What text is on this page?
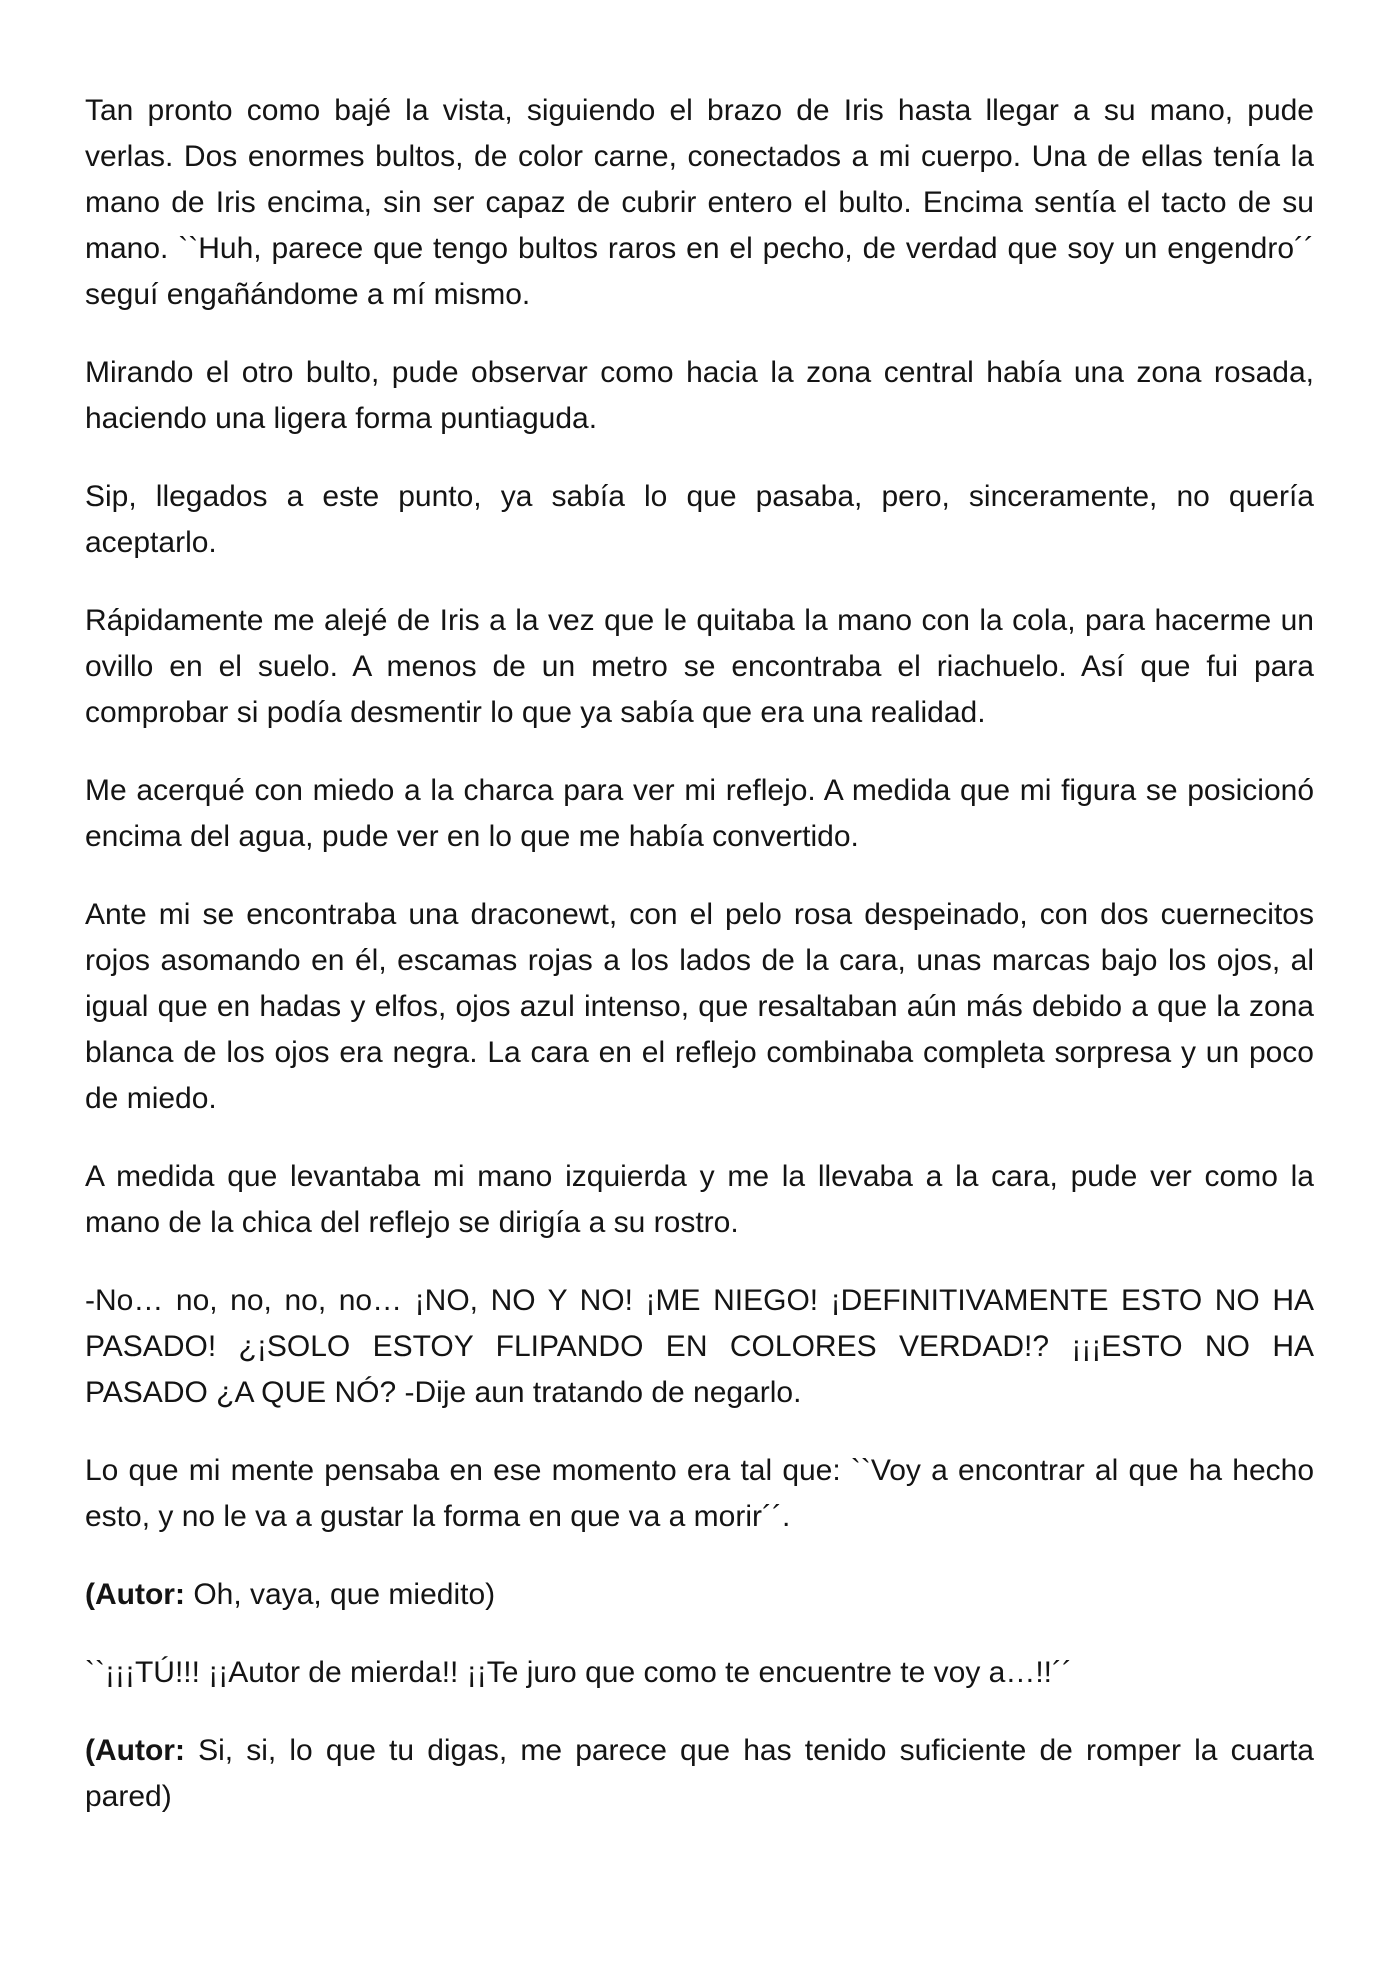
Tan pronto como bajé la vista, siguiendo el brazo de Iris hasta llegar a su mano, pude verlas. Dos enormes bultos, de color carne, conectados a mi cuerpo. Una de ellas tenía la mano de Iris encima, sin ser capaz de cubrir entero el bulto. Encima sentía el tacto de su mano. ``Huh, parece que tengo bultos raros en el pecho, de verdad que soy un engendro´´ seguí engañándome a mí mismo.

Mirando el otro bulto, pude observar como hacia la zona central había una zona rosada, haciendo una ligera forma puntiaguda.

Sip, llegados a este punto, ya sabía lo que pasaba, pero, sinceramente, no quería aceptarlo.

Rápidamente me alejé de Iris a la vez que le quitaba la mano con la cola, para hacerme un ovillo en el suelo. A menos de un metro se encontraba el riachuelo. Así que fui para comprobar si podía desmentir lo que ya sabía que era una realidad.

Me acerqué con miedo a la charca para ver mi reflejo. A medida que mi figura se posicionó encima del agua, pude ver en lo que me había convertido.

Ante mi se encontraba una draconewt, con el pelo rosa despeinado, con dos cuernecitos rojos asomando en él, escamas rojas a los lados de la cara, unas marcas bajo los ojos, al igual que en hadas y elfos, ojos azul intenso, que resaltaban aún más debido a que la zona blanca de los ojos era negra. La cara en el reflejo combinaba completa sorpresa y un poco de miedo.

A medida que levantaba mi mano izquierda y me la llevaba a la cara, pude ver como la mano de la chica del reflejo se dirigía a su rostro.

-No… no, no, no, no… ¡NO, NO Y NO! ¡ME NIEGO! ¡DEFINITIVAMENTE ESTO NO HA PASADO! ¿¡SOLO ESTOY FLIPANDO EN COLORES VERDAD!? ¡¡¡ESTO NO HA PASADO ¿A QUE NÓ? -Dije aun tratando de negarlo.

Lo que mi mente pensaba en ese momento era tal que: ``Voy a encontrar al que ha hecho esto, y no le va a gustar la forma en que va a morir´´.

(Autor: Oh, vaya, que miedito)

``¡¡¡TÚ!!! ¡¡Autor de mierda!! ¡¡Te juro que como te encuentre te voy a…!!´´

(Autor: Si, si, lo que tu digas, me parece que has tenido suficiente de romper la cuarta pared)
